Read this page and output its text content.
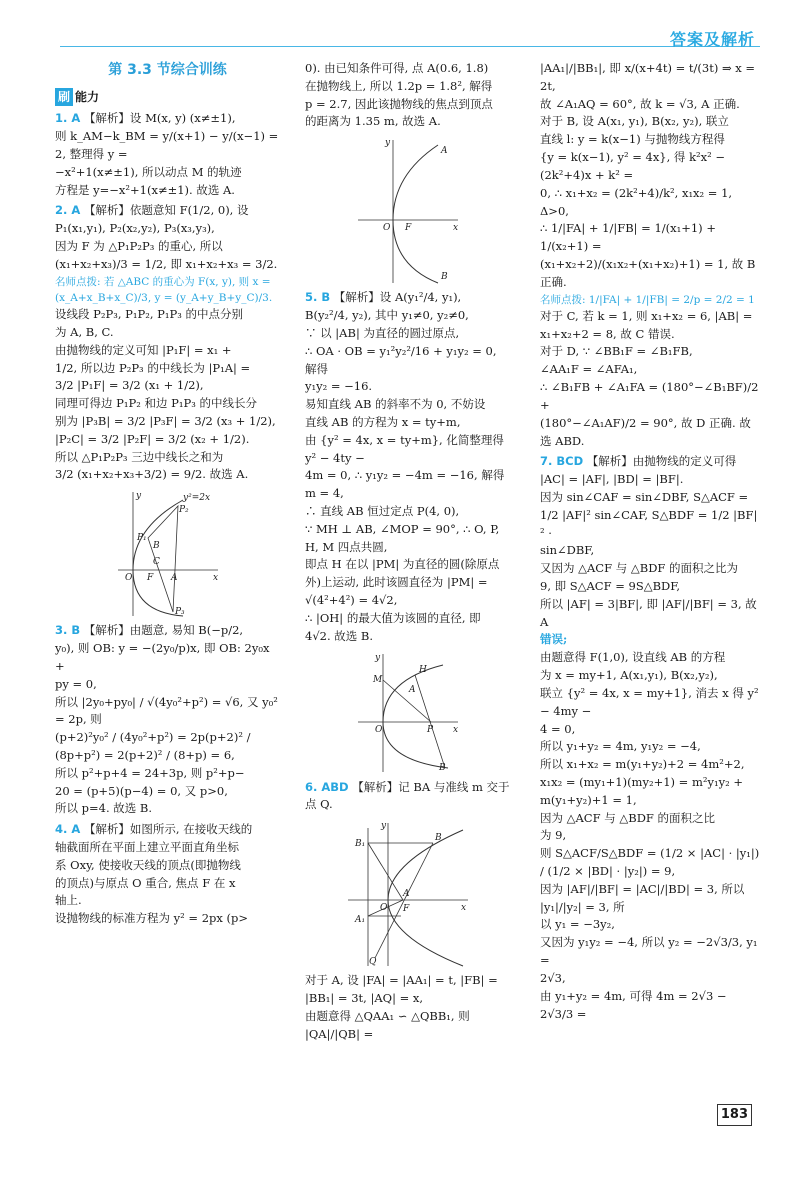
答案及解析
第 3.3 节综合训练
刷 能力

1. A 【解析】设 M(x, y) (x≠±1),

则 k_AM−k_BM = y/(x+1) − y/(x−1) = 2, 整理得 y =

−x²+1(x≠±1), 所以动点 M 的轨迹

方程是 y=−x²+1(x≠±1). 故选 A.

2. A 【解析】依题意知 F(1/2, 0), 设

P₁(x₁,y₁), P₂(x₂,y₂), P₃(x₃,y₃),

因为 F 为 △P₁P₂P₃ 的重心, 所以

(x₁+x₂+x₃)/3 = 1/2, 即 x₁+x₂+x₃ = 3/2.

名师点拨: 若 △ABC 的重心为 F(x, y), 则 x = (x_A+x_B+x_C)/3, y = (y_A+y_B+y_C)/3.

设线段 P₂P₃, P₁P₂, P₁P₃ 的中点分别

为 A, B, C.

由抛物线的定义可知 |P₁F| = x₁ +

1/2, 所以边 P₂P₃ 的中线长为 |P₁A| =

3/2 |P₁F| = 3/2 (x₁ + 1/2),

同理可得边 P₁P₂ 和边 P₁P₃ 的中线长分

别为 |P₃B| = 3/2 |P₃F| = 3/2 (x₃ + 1/2),

|P₂C| = 3/2 |P₂F| = 3/2 (x₂ + 1/2).

所以 △P₁P₂P₃ 三边中线长之和为

3/2 (x₁+x₂+x₃+3/2) = 9/2. 故选 A.

y	y²=2x
P₂
P₁
B
O F
C
A	x
P₃

3. B 【解析】由题意, 易知 B(−p/2,

y₀), 则 OB: y = −(2y₀/p)x, 即 OB: 2y₀x +

py = 0,

所以 |2y₀+py₀| / √(4y₀²+p²) = √6, 又 y₀² = 2p, 则

(p+2)²y₀² / (4y₀²+p²) = 2p(p+2)² / (8p+p²) = 2(p+2)² / (8+p) = 6,

所以 p²+p+4 = 24+3p, 则 p²+p−

20 = (p+5)(p−4) = 0, 又 p>0,

所以 p=4. 故选 B.

4. A 【解析】如图所示, 在接收天线的

轴截面所在平面上建立平面直角坐标

系 Oxy, 使接收天线的顶点(即抛物线

的顶点)与原点 O 重合, 焦点 F 在 x

轴上.

设抛物线的标准方程为 y² = 2px (p>

0). 由已知条件可得, 点 A(0.6, 1.8)

在抛物线上, 所以 1.2p = 1.8², 解得

p = 2.7, 因此该抛物线的焦点到顶点

的距离为 1.35 m, 故选 A.

y
A
O F	x
B

5. B 【解析】设 A(y₁²/4, y₁),

B(y₂²/4, y₂), 其中 y₁≠0, y₂≠0,

∵ 以 |AB| 为直径的圆过原点,

∴ OA · OB = y₁²y₂²/16 + y₁y₂ = 0, 解得

y₁y₂ = −16.

易知直线 AB 的斜率不为 0, 不妨设

直线 AB 的方程为 x = ty+m,

由 {y² = 4x, x = ty+m}, 化简整理得 y² − 4ty −

4m = 0, ∴ y₁y₂ = −4m = −16, 解得

m = 4,

∴ 直线 AB 恒过定点 P(4, 0),

∵ MH ⊥ AB, ∠MOP = 90°, ∴ O, P,

H, M 四点共圆,

即点 H 在以 |PM| 为直径的圆(除原点

外)上运动, 此时该圆直径为 |PM| =

√(4²+4²) = 4√2,

∴ |OH| 的最大值为该圆的直径, 即

4√2. 故选 B.

y
H
M
A
O	P x
B

6. ABD 【解析】记 BA 与准线 m 交于

点 Q.

y
B₁
B
A
O F	x
A₁
Q

对于 A, 设 |FA| = |AA₁| = t, |FB| =

|BB₁| = 3t, |AQ| = x,

由题意得 △QAA₁ ∽ △QBB₁, 则 |QA|/|QB| =

|AA₁|/|BB₁|, 即 x/(x+4t) = t/(3t) ⇒ x = 2t,

故 ∠A₁AQ = 60°, 故 k = √3, A 正确.

对于 B, 设 A(x₁, y₁), B(x₂, y₂), 联立

直线 l: y = k(x−1) 与抛物线方程得

{y = k(x−1), y² = 4x}, 得 k²x² − (2k²+4)x + k² =

0, ∴ x₁+x₂ = (2k²+4)/k², x₁x₂ = 1, Δ>0,

∴ 1/|FA| + 1/|FB| = 1/(x₁+1) + 1/(x₂+1) =

(x₁+x₂+2)/(x₁x₂+(x₁+x₂)+1) = 1, 故 B 正确.

名师点拨: 1/|FA| + 1/|FB| = 2/p = 2/2 = 1

对于 C, 若 k = 1, 则 x₁+x₂ = 6, |AB| =

x₁+x₂+2 = 8, 故 C 错误.

对于 D, ∵ ∠BB₁F = ∠B₁FB,

∠AA₁F = ∠AFA₁,

∴ ∠B₁FB + ∠A₁FA = (180°−∠B₁BF)/2 +

(180°−∠A₁AF)/2 = 90°, 故 D 正确. 故

选 ABD.

7. BCD 【解析】由抛物线的定义可得

|AC| = |AF|, |BD| = |BF|.

因为 sin∠CAF = sin∠DBF, S△ACF =

1/2 |AF|² sin∠CAF, S△BDF = 1/2 |BF|² ·

sin∠DBF,

又因为 △ACF 与 △BDF 的面积之比为

9, 即 S△ACF = 9S△BDF,

所以 |AF| = 3|BF|, 即 |AF|/|BF| = 3, 故 A

错误;

由题意得 F(1,0), 设直线 AB 的方程

为 x = my+1, A(x₁,y₁), B(x₂,y₂),

联立 {y² = 4x, x = my+1}, 消去 x 得 y² − 4my −

4 = 0,

所以 y₁+y₂ = 4m, y₁y₂ = −4,

所以 x₁+x₂ = m(y₁+y₂)+2 = 4m²+2,

x₁x₂ = (my₁+1)(my₂+1) = m²y₁y₂ +

m(y₁+y₂)+1 = 1,

因为 △ACF 与 △BDF 的面积之比

为 9,

则 S△ACF/S△BDF = (1/2 × |AC| · |y₁|) / (1/2 × |BD| · |y₂|) = 9,

因为 |AF|/|BF| = |AC|/|BD| = 3, 所以 |y₁|/|y₂| = 3, 所

以 y₁ = −3y₂,

又因为 y₁y₂ = −4, 所以 y₂ = −2√3/3, y₁ =

2√3,

由 y₁+y₂ = 4m, 可得 4m = 2√3 − 2√3/3 =

183
